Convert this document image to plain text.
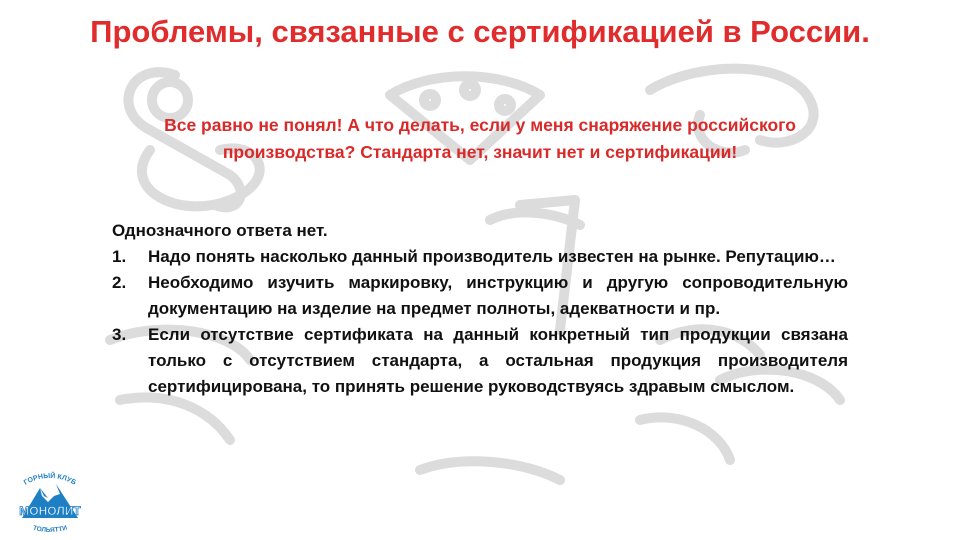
Проблемы, связанные с сертификацией в России.

Все равно не понял! А что делать, если у меня снаряжение российского производства? Стандарта нет, значит нет и сертификации!

Однозначного ответа нет.

1. Надо понять насколько данный производитель известен на рынке. Репутацию…
2. Необходимо изучить маркировку, инструкцию и другую сопроводительную документацию на изделие на предмет полноты, адекватности и пр.
3. Если отсутствие сертификата на данный конкретный тип продукции связана только с отсутствием стандарта, а остальная продукция производителя сертифицирована, то принять решение руководствуясь здравым смыслом.
ГОРНЫЙ КЛУБ
МОНОЛИТ
ТОЛЬЯТТИ
